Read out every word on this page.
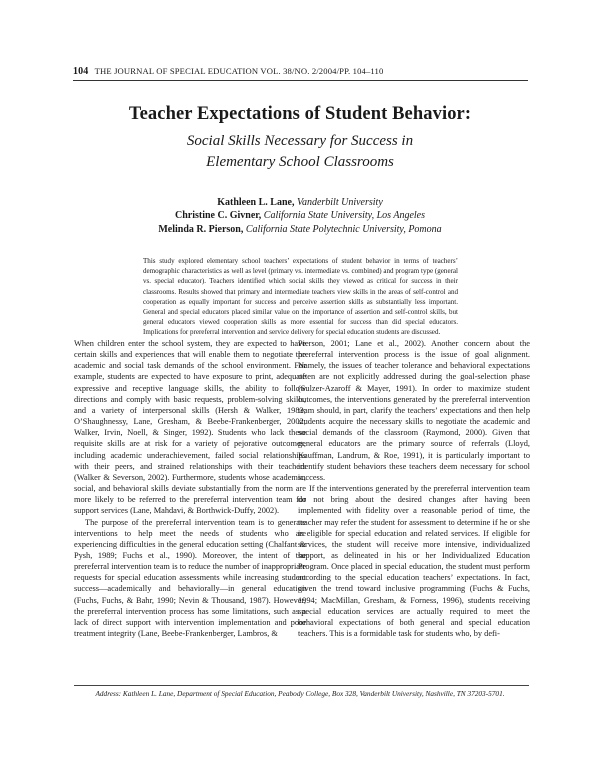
104 THE JOURNAL OF SPECIAL EDUCATION VOL. 38/NO. 2/2004/PP. 104–110
Teacher Expectations of Student Behavior:
Social Skills Necessary for Success in
Elementary School Classrooms
Kathleen L. Lane, Vanderbilt University
Christine C. Givner, California State University, Los Angeles
Melinda R. Pierson, California State Polytechnic University, Pomona
This study explored elementary school teachers’ expectations of student behavior in terms of teachers’ demographic characteristics as well as level (primary vs. intermediate vs. combined) and program type (general vs. special educator). Teachers identified which social skills they viewed as critical for success in their classrooms. Results showed that primary and intermediate teachers view skills in the areas of self-control and cooperation as equally important for success and perceive assertion skills as substantially less important. General and special educators placed similar value on the importance of assertion and self-control skills, but general educators viewed cooperation skills as more essential for success than did special educators. Implications for prereferral intervention and service delivery for special education students are discussed.

When children enter the school system, they are expected to have certain skills and experiences that will enable them to negotiate the academic and social task demands of the school environment. For example, students are expected to have exposure to print, adequate expressive and receptive language skills, the ability to follow directions and comply with basic requests, problem-solving skills, and a variety of interpersonal skills (Hersh & Walker, 1983; O’Shaughnessy, Lane, Gresham, & Beebe-Frankenberger, 2002; Walker, Irvin, Noell, & Singer, 1992). Students who lack these requisite skills are at risk for a variety of pejorative outcomes, including academic underachievement, failed social relationships with their peers, and strained relationships with their teachers (Walker & Severson, 2002). Furthermore, students whose academic, social, and behavioral skills deviate substantially from the norm are more likely to be referred to the prereferral intervention team for support services (Lane, Mahdavi, & Borthwick-Duffy, 2002).

The purpose of the prereferral intervention team is to generate interventions to help meet the needs of students who are experiencing difficulties in the general education setting (Chalfant & Pysh, 1989; Fuchs et al., 1990). Moreover, the intent of the prereferral intervention team is to reduce the number of inappropriate requests for special education assessments while increasing student success—academically and behaviorally—in general education (Fuchs, Fuchs, & Bahr, 1990; Nevin & Thousand, 1987). However, the prereferral intervention process has some limitations, such as a lack of direct support with intervention implementation and poor treatment integrity (Lane, Beebe-Frankenberger, Lambros, &

Pierson, 2001; Lane et al., 2002). Another concern about the prereferral intervention process is the issue of goal alignment. Namely, the issues of teacher tolerance and behavioral expectations often are not explicitly addressed during the goal-selection phase (Sulzer-Azaroff & Mayer, 1991). In order to maximize student outcomes, the interventions generated by the prereferral intervention team should, in part, clarify the teachers’ expectations and then help students acquire the necessary skills to negotiate the academic and social demands of the classroom (Raymond, 2000). Given that general educators are the primary source of referrals (Lloyd, Kauffman, Landrum, & Roe, 1991), it is particularly important to identify student behaviors these teachers deem necessary for school success.

If the interventions generated by the prereferral intervention team do not bring about the desired changes after having been implemented with fidelity over a reasonable period of time, the teacher may refer the student for assessment to determine if he or she is eligible for special education and related services. If eligible for services, the student will receive more intensive, individualized support, as delineated in his or her Individualized Education Program. Once placed in special education, the student must perform according to the special education teachers’ expectations. In fact, given the trend toward inclusive programming (Fuchs & Fuchs, 1994; MacMillan, Gresham, & Forness, 1996), students receiving special education services are actually required to meet the behavioral expectations of both general and special education teachers. This is a formidable task for students who, by defi-

Address: Kathleen L. Lane, Department of Special Education, Peabody College, Box 328, Vanderbilt University, Nashville, TN 37203-5701.
